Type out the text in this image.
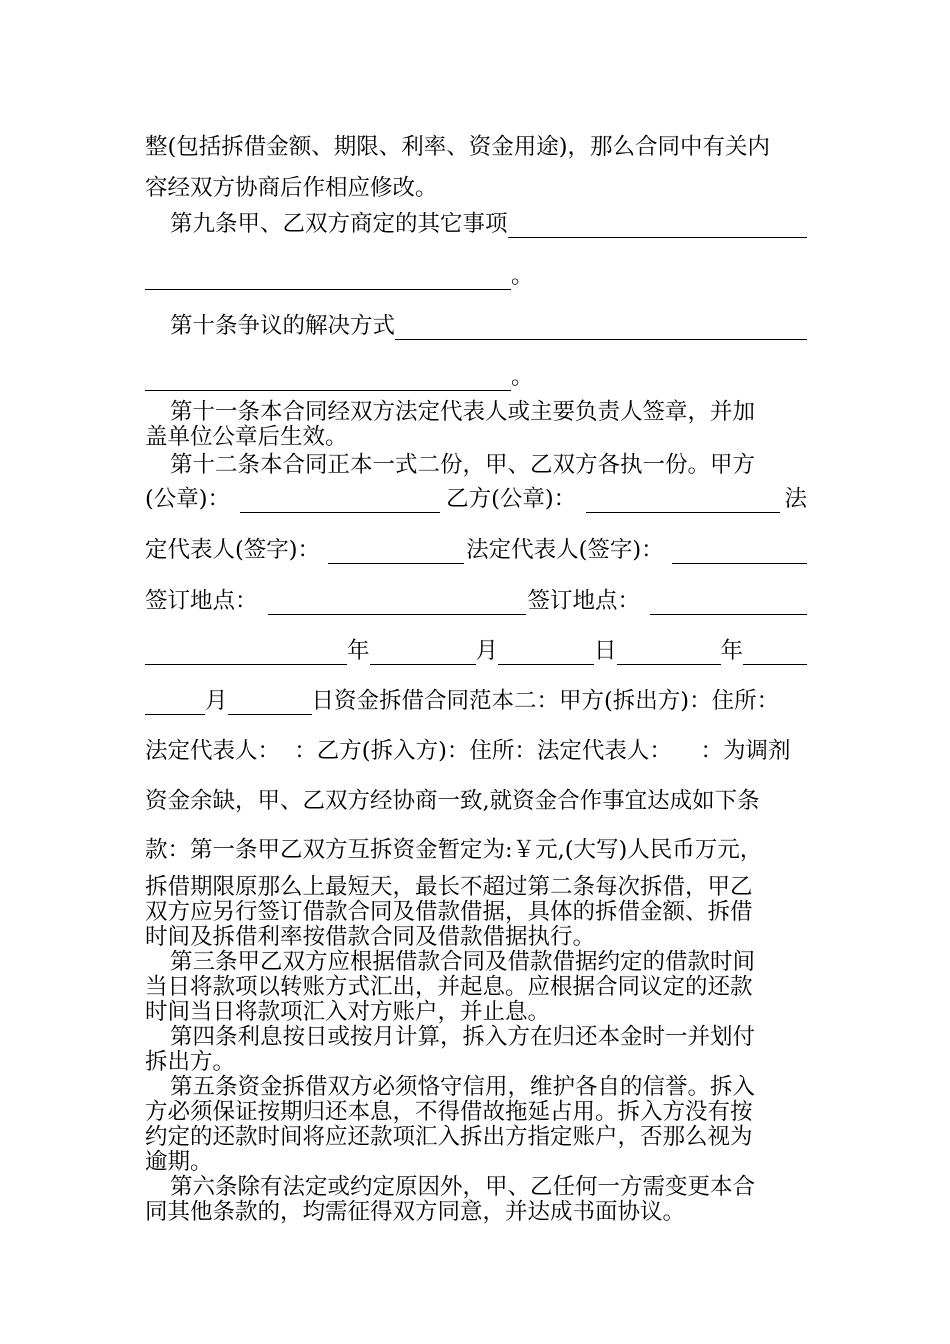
整(包括拆借金额、期限、利率、资金用途)，那么合同中有关内
容经双方协商后作相应修改。
第九条甲、乙双方商定的其它事项
。
第十条争议的解决方式
。
第十一条本合同经双方法定代表人或主要负责人签章，并加
盖单位公章后生效。
第十二条本合同正本一式二份，甲、乙双方各执一份。甲方
(公章)：	乙方(公章)：	法
定代表人(签字)：	法定代表人(签字)：
签订地点：	签订地点：
年	月	日	年
月	日资金拆借合同范本二：甲方(拆出方)：住所：
法定代表人：  ：乙方(拆入方)：住所：法定代表人：    ：为调剂
资金余缺，甲、乙双方经协商一致,就资金合作事宜达成如下条
款：第一条甲乙双方互拆资金暂定为:￥元,(大写)人民币万元，
拆借期限原那么上最短天，最长不超过第二条每次拆借，甲乙
双方应另行签订借款合同及借款借据，具体的拆借金额、拆借
时间及拆借利率按借款合同及借款借据执行。
第三条甲乙双方应根据借款合同及借款借据约定的借款时间
当日将款项以转账方式汇出，并起息。应根据合同议定的还款
时间当日将款项汇入对方账户，并止息。
第四条利息按日或按月计算，拆入方在归还本金时一并划付
拆出方。
第五条资金拆借双方必须恪守信用，维护各自的信誉。拆入
方必须保证按期归还本息，不得借故拖延占用。拆入方没有按
约定的还款时间将应还款项汇入拆出方指定账户，否那么视为
逾期。
第六条除有法定或约定原因外，甲、乙任何一方需变更本合
同其他条款的，均需征得双方同意，并达成书面协议。
